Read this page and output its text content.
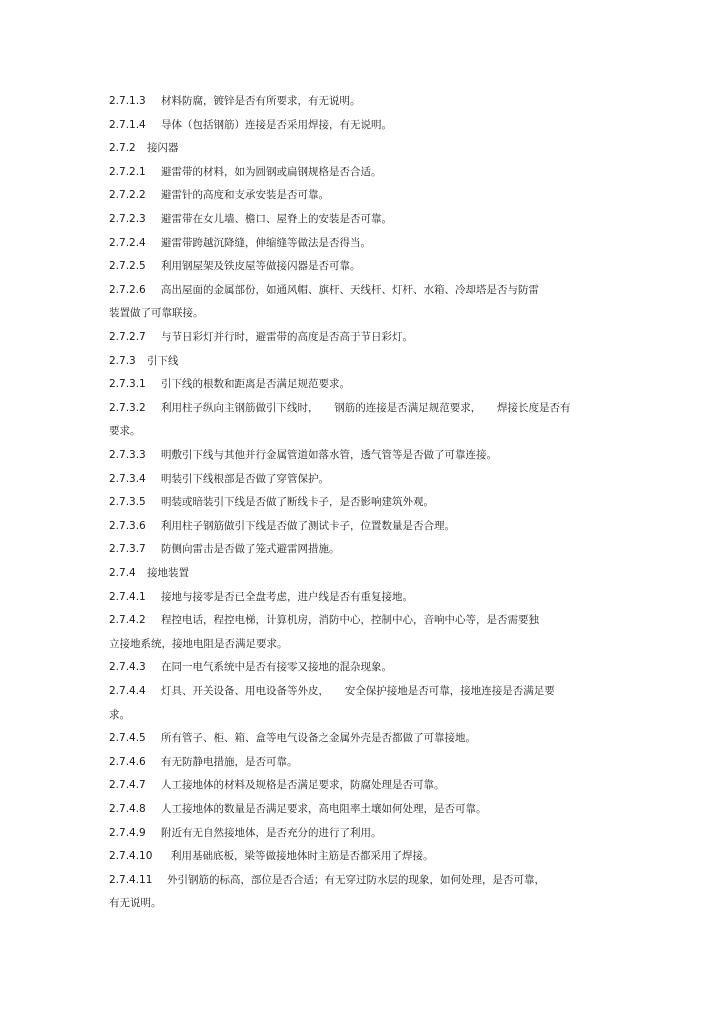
2.7.1.3 材料防腐，镀锌是否有所要求，有无说明。
2.7.1.4 导体（包括钢筋）连接是否采用焊接，有无说明。
2.7.2 接闪器
2.7.2.1 避雷带的材料，如为圆钢或扁钢规格是否合适。
2.7.2.2 避雷针的高度和支承安装是否可靠。
2.7.2.3 避雷带在女儿墙、檐口、屋脊上的安装是否可靠。
2.7.2.4 避雷带跨越沉降缝，伸缩缝等做法是否得当。
2.7.2.5 利用钢屋架及铁皮屋等做接闪器是否可靠。
2.7.2.6 高出屋面的金属部份，如通风帽、旗杆、天线杆、灯杆、水箱、冷却塔是否与防雷
装置做了可靠联接。
2.7.2.7 与节日彩灯并行时，避雷带的高度是否高于节日彩灯。
2.7.3 引下线
2.7.3.1 引下线的根数和距离是否满足规范要求。
2.7.3.2 利用柱子纵向主钢筋做引下线时，　　钢筋的连接是否满足规范要求，　　焊接长度是否有
要求。
2.7.3.3 明敷引下线与其他并行金属管道如落水管，透气管等是否做了可靠连接。
2.7.3.4 明装引下线根部是否做了穿管保护。
2.7.3.5 明装或暗装引下线是否做了断线卡子，是否影响建筑外观。
2.7.3.6 利用柱子钢筋做引下线是否做了测试卡子，位置数量是否合理。
2.7.3.7 防侧向雷击是否做了笼式避雷网措施。
2.7.4 接地装置
2.7.4.1 接地与接零是否已全盘考虑，进户线是否有重复接地。
2.7.4.2 程控电话，程控电梯，计算机房，消防中心，控制中心，音响中心等，是否需要独
立接地系统，接地电阻是否满足要求。
2.7.4.3 在同一电气系统中是否有接零又接地的混杂现象。
2.7.4.4 灯具、开关设备、用电设备等外皮，　　安全保护接地是否可靠，接地连接是否满足要
求。
2.7.4.5 所有管子、柜、箱、盒等电气设备之金属外壳是否都做了可靠接地。
2.7.4.6 有无防静电措施，是否可靠。
2.7.4.7 人工接地体的材料及规格是否满足要求，防腐处理是否可靠。
2.7.4.8 人工接地体的数量是否满足要求，高电阻率土壤如何处理，是否可靠。
2.7.4.9 附近有无自然接地体，是否充分的进行了利用。
2.7.4.10 利用基础底板，梁等做接地体时主筋是否都采用了焊接。
2.7.4.11 外引钢筋的标高，部位是否合适；有无穿过防水层的现象，如何处理，是否可靠，
有无说明。
